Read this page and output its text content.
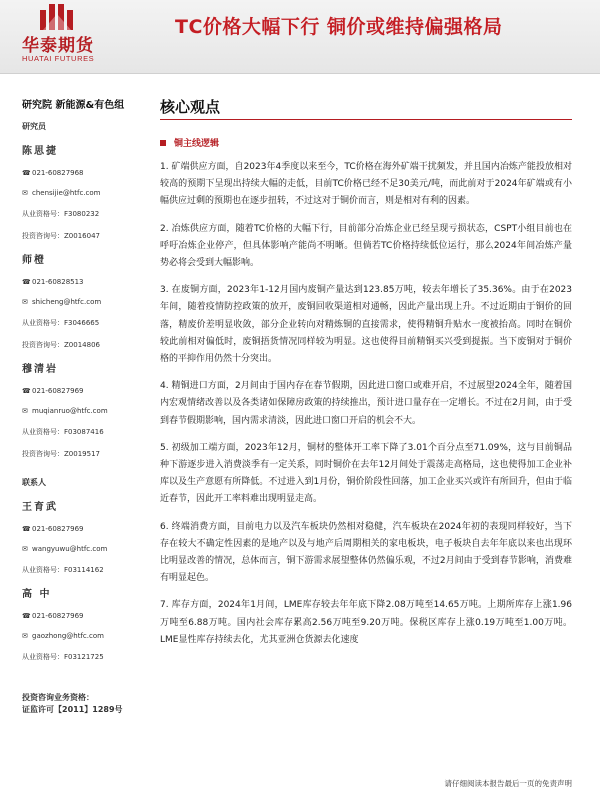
华泰期货
HUATAI FUTURES
TC价格大幅下行 铜价或维持偏强格局
研究院 新能源&有色组
研究员
陈思捷
☎021-60827968
✉ chensijie@htfc.com
从业资格号：F3080232
投资咨询号：Z0016047
师橙
☎021-60828513
✉ shicheng@htfc.com
从业资格号：F3046665
投资咨询号：Z0014806
穆清岩
☎021-60827969
✉ muqianruo@htfc.com
从业资格号：F03087416
投资咨询号：Z0019517
联系人
王育武
☎021-60827969
✉ wangyuwu@htfc.com
从业资格号：F03114162
高 中
☎021-60827969
✉ gaozhong@htfc.com
从业资格号：F03121725
投资咨询业务资格：
证监许可【2011】1289号
核心观点
铜主线逻辑
1. 矿端供应方面，自2023年4季度以来至今，TC价格在海外矿端干扰频发，并且国内冶炼产能投放相对较高的预期下呈现出持续大幅的走低，目前TC价格已经不足30美元/吨，而此前对于2024年矿端或有小幅供应过剩的预期也在逐步扭转，不过这对于铜价而言，则是相对有利的因素。
2. 冶炼供应方面，随着TC价格的大幅下行，目前部分冶炼企业已经呈现亏损状态，CSPT小组目前也在呼吁冶炼企业停产，但具体影响产能尚不明晰。但倘若TC价格持续低位运行，那么2024年间冶炼产量势必将会受到大幅影响。
3. 在废铜方面，2023年1-12月国内废铜产量达到123.85万吨，较去年增长了35.36%。由于在2023年间，随着疫情防控政策的放开，废铜回收渠道相对通畅，因此产量出现上升。不过近期由于铜价的回落，精废价差明显收敛，部分企业转向对精炼铜的直接需求，使得精铜升贴水一度被抬高。同时在铜价较此前相对偏低时，废铜捂货情况同样较为明显。这也使得目前精铜买兴受到提振。当下废铜对于铜价格的平抑作用仍然十分突出。
4. 精铜进口方面，2月间由于国内存在春节假期，因此进口窗口或难开启，不过展望2024全年，随着国内宏观情绪改善以及各类诸如保障房政策的持续推出，预计进口量存在一定增长。不过在2月间，由于受到春节假期影响，国内需求清淡，因此进口窗口开启的机会不大。
5. 初级加工端方面，2023年12月，铜材的整体开工率下降了3.01个百分点至71.09%，这与目前铜品种下游逐步进入消费淡季有一定关系，同时铜价在去年12月间处于震荡走高格局，这也使得加工企业补库以及生产意愿有所降低。不过进入到1月份，铜价阶段性回落，加工企业买兴或许有所回升，但由于临近春节，因此开工率料难出现明显走高。
6. 终端消费方面，目前电力以及汽车板块仍然相对稳健，汽车板块在2024年初的表现同样较好，当下存在较大不确定性因素的是地产以及与地产后周期相关的家电板块，电子板块自去年年底以来也出现环比明显改善的情况，总体而言，铜下游需求展望整体仍然偏乐观，不过2月间由于受到春节影响，消费难有明显起色。
7. 库存方面，2024年1月间，LME库存较去年年底下降2.08万吨至14.65万吨。上期所库存上涨1.96万吨至6.88万吨。国内社会库存累高2.56万吨至9.20万吨。保税区库存上涨0.19万吨至1.00万吨。LME显性库存持续去化，尤其亚洲仓货源去化速度
请仔细阅读本报告最后一页的免责声明
